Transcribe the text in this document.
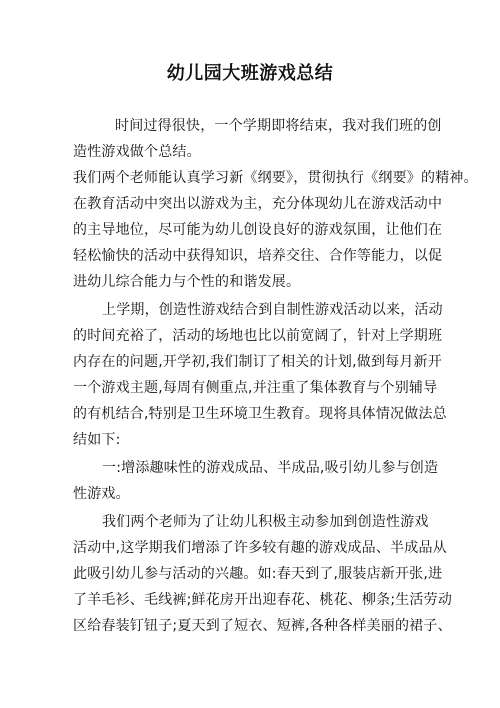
幼儿园大班游戏总结
时间过得很快，一个学期即将结束，我对我们班的创
造性游戏做个总结。
我们两个老师能认真学习新《纲要》，贯彻执行《纲要》的精神。
在教育活动中突出以游戏为主，充分体现幼儿在游戏活动中
的主导地位，尽可能为幼儿创设良好的游戏氛围，让他们在
轻松愉快的活动中获得知识，培养交往、合作等能力，以促
进幼儿综合能力与个性的和谐发展。
上学期，创造性游戏结合到自制性游戏活动以来，活动
的时间充裕了，活动的场地也比以前宽阔了，针对上学期班
内存在的问题,开学初,我们制订了相关的计划,做到每月新开
一个游戏主题,每周有侧重点,并注重了集体教育与个别辅导
的有机结合,特别是卫生环境卫生教育。现将具体情况做法总
结如下:
一:增添趣味性的游戏成品、半成品,吸引幼儿参与创造
性游戏。
我们两个老师为了让幼儿积极主动参加到创造性游戏
活动中,这学期我们增添了许多较有趣的游戏成品、半成品从
此吸引幼儿参与活动的兴趣。如:春天到了,服装店新开张,进
了羊毛衫、毛线裤;鲜花房开出迎春花、桃花、柳条;生活劳动
区给春装钉钮子;夏天到了短衣、短裤,各种各样美丽的裙子、
